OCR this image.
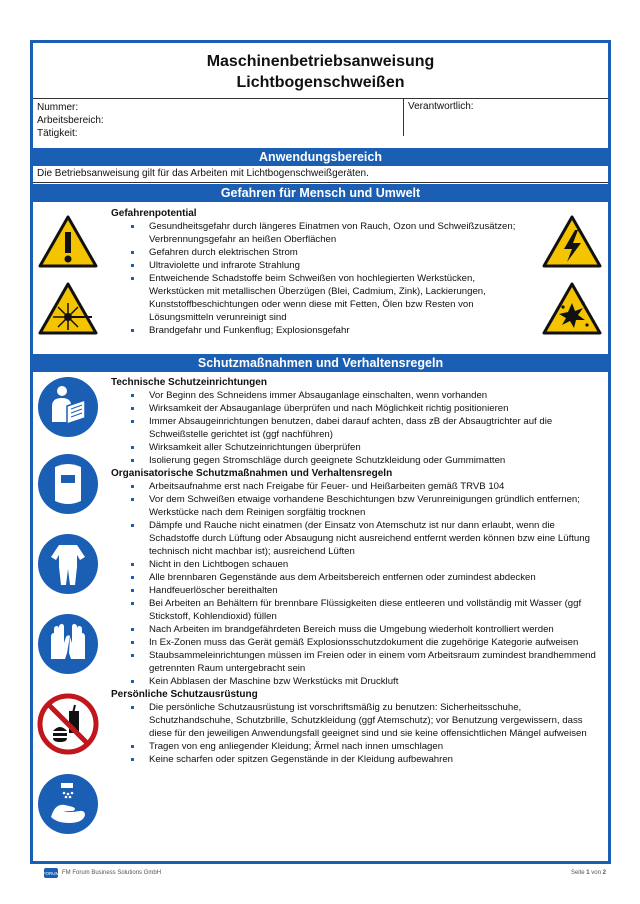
Maschinenbetriebsanweisung
Lichtbogenschweißen
Nummer:
Arbeitsbereich:
Tätigkeit:
Verantwortlich:
Anwendungsbereich
Die Betriebsanweisung gilt für das Arbeiten mit Lichtbogenschweißgeräten.
Gefahren für Mensch und Umwelt
Gefahrenpotential
Gesundheitsgefahr durch längeres Einatmen von Rauch, Ozon und Schweißzusätzen; Verbrennungsgefahr an heißen Oberflächen
Gefahren durch elektrischen Strom
Ultraviolette und infrarote Strahlung
Entweichende Schadstoffe beim Schweißen von hochlegierten Werkstücken, Werkstücken mit metallischen Überzügen (Blei, Cadmium, Zink), Lackierungen, Kunststoffbeschichtungen oder wenn diese mit Fetten, Ölen bzw Resten von Lösungsmitteln verunreinigt sind
Brandgefahr und Funkenflug; Explosionsgefahr
Schutzmaßnahmen und Verhaltensregeln
Technische Schutzeinrichtungen
Vor Beginn des Schneidens immer Absauganlage einschalten, wenn vorhanden
Wirksamkeit der Absauganlage überprüfen und nach Möglichkeit richtig positionieren
Immer Absaugeinrichtungen benutzen, dabei darauf achten, dass zB der Absaugtrichter auf die Schweißstelle gerichtet ist (ggf nachführen)
Wirksamkeit aller Schutzeinrichtungen überprüfen
Isolierung gegen Stromschläge durch geeignete Schutzkleidung oder Gummimatten
Organisatorische Schutzmaßnahmen und Verhaltensregeln
Arbeitsaufnahme erst nach Freigabe für Feuer- und Heißarbeiten gemäß TRVB 104
Vor dem Schweißen etwaige vorhandene Beschichtungen bzw Verunreinigungen gründlich entfernen; Werkstücke nach dem Reinigen sorgfältig trocknen
Dämpfe und Rauche nicht einatmen (der Einsatz von Atemschutz ist nur dann erlaubt, wenn die Schadstoffe durch Lüftung oder Absaugung nicht ausreichend entfernt werden können bzw eine Lüftung technisch nicht machbar ist); ausreichend Lüften
Nicht in den Lichtbogen schauen
Alle brennbaren Gegenstände aus dem Arbeitsbereich entfernen oder zumindest abdecken
Handfeuerlöscher bereithalten
Bei Arbeiten an Behältern für brennbare Flüssigkeiten diese entleeren und vollständig mit Wasser (ggf Stickstoff, Kohlendioxid) füllen
Nach Arbeiten im brandgefährdeten Bereich muss die Umgebung wiederholt kontrolliert werden
In Ex-Zonen muss das Gerät gemäß Explosionsschutzdokument die zugehörige Kategorie aufweisen
Staubsammeleinrichtungen müssen im Freien oder in einem vom Arbeitsraum zumindest brandhemmend getrennten Raum untergebracht sein
Kein Abblasen der Maschine bzw Werkstücks mit Druckluft
Persönliche Schutzausrüstung
Die persönliche Schutzausrüstung ist vorschriftsmäßig zu benutzen: Sicherheitsschuhe, Schutzhandschuhe, Schutzbrille, Schutzkleidung (ggf Atemschutz); vor Benutzung vergewissern, dass diese für den jeweiligen Anwendungsfall geeignet sind und sie keine offensichtlichen Mängel aufweisen
Tragen von eng anliegender Kleidung; Ärmel nach innen umschlagen
Keine scharfen oder spitzen Gegenstände in der Kleidung aufbewahren
FORUM FM Forum Business Solutions GmbH	Seite 1 von 2
